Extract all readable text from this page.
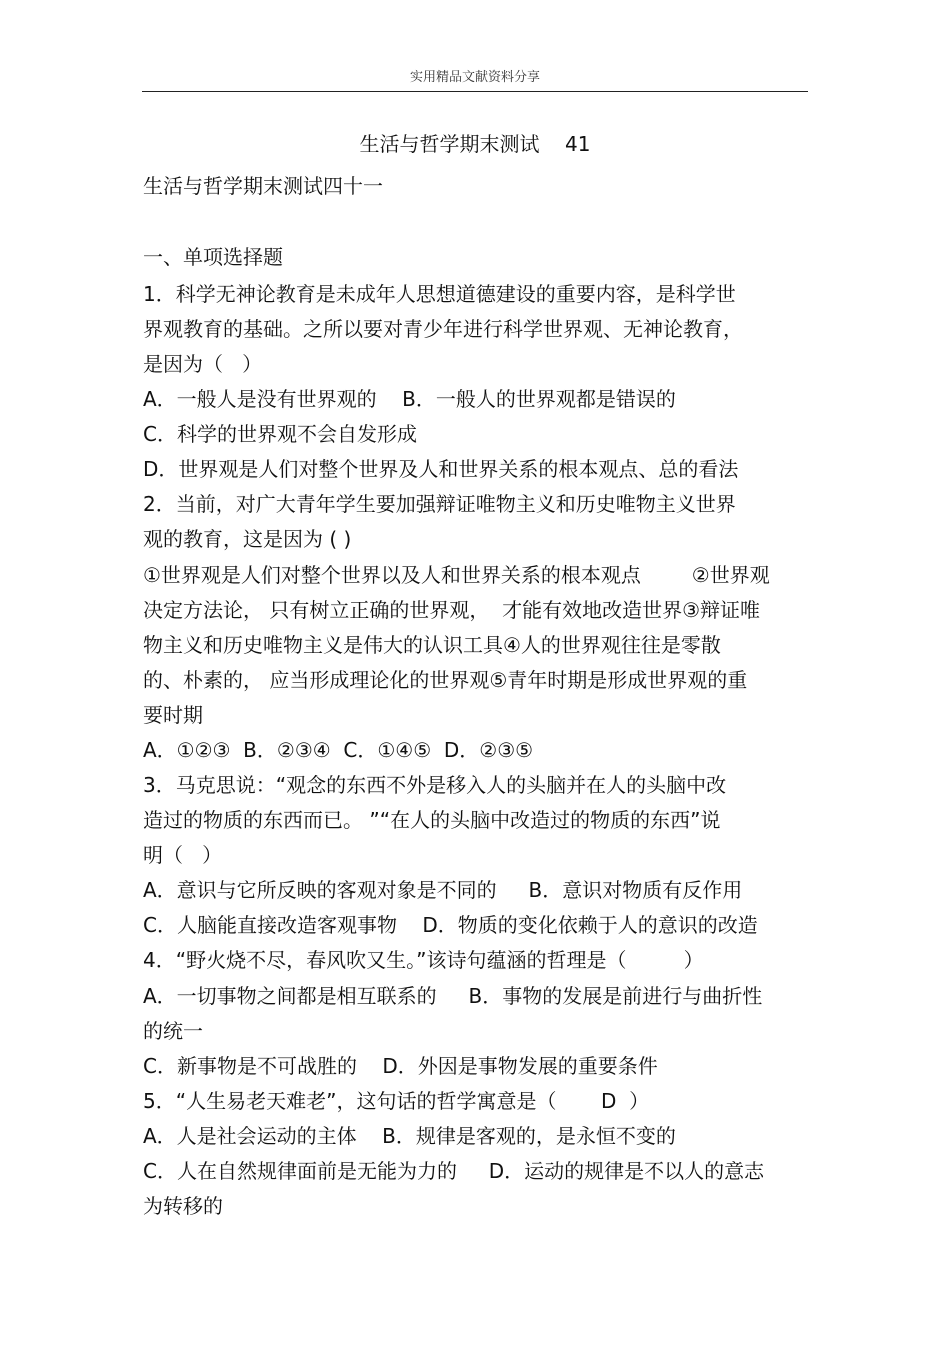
实用精品文献资料分享
生活与哲学期末测试    41
生活与哲学期末测试四十一
一、单项选择题
1．科学无神论教育是未成年人思想道德建设的重要内容，是科学世
界观教育的基础。之所以要对青少年进行科学世界观、无神论教育，
是因为（   ）
A．一般人是没有世界观的    B．一般人的世界观都是错误的
C．科学的世界观不会自发形成
D．世界观是人们对整个世界及人和世界关系的根本观点、总的看法
2．当前，对广大青年学生要加强辩证唯物主义和历史唯物主义世界
观的教育，这是因为 ( )
①世界观是人们对整个世界以及人和世界关系的根本观点        ②世界观
决定方法论， 只有树立正确的世界观，  才能有效地改造世界③辩证唯
物主义和历史唯物主义是伟大的认识工具④人的世界观往往是零散
的、朴素的， 应当形成理论化的世界观⑤青年时期是形成世界观的重
要时期
A．①②③  B．②③④  C．①④⑤  D．②③⑤
3．马克思说：“观念的东西不外是移入人的头脑并在人的头脑中改
造过的物质的东西而已。 ”“在人的头脑中改造过的物质的东西”说
明（   ）
A．意识与它所反映的客观对象是不同的     B．意识对物质有反作用
C．人脑能直接改造客观事物    D．物质的变化依赖于人的意识的改造
4．“野火烧不尽，春风吹又生。”该诗句蕴涵的哲理是（         ）
A．一切事物之间都是相互联系的     B．事物的发展是前进行与曲折性
的统一
C．新事物是不可战胜的    D．外因是事物发展的重要条件
5．“人生易老天难老”，这句话的哲学寓意是（       D  ）
A．人是社会运动的主体    B．规律是客观的，是永恒不变的
C．人在自然规律面前是无能为力的     D．运动的规律是不以人的意志
为转移的
